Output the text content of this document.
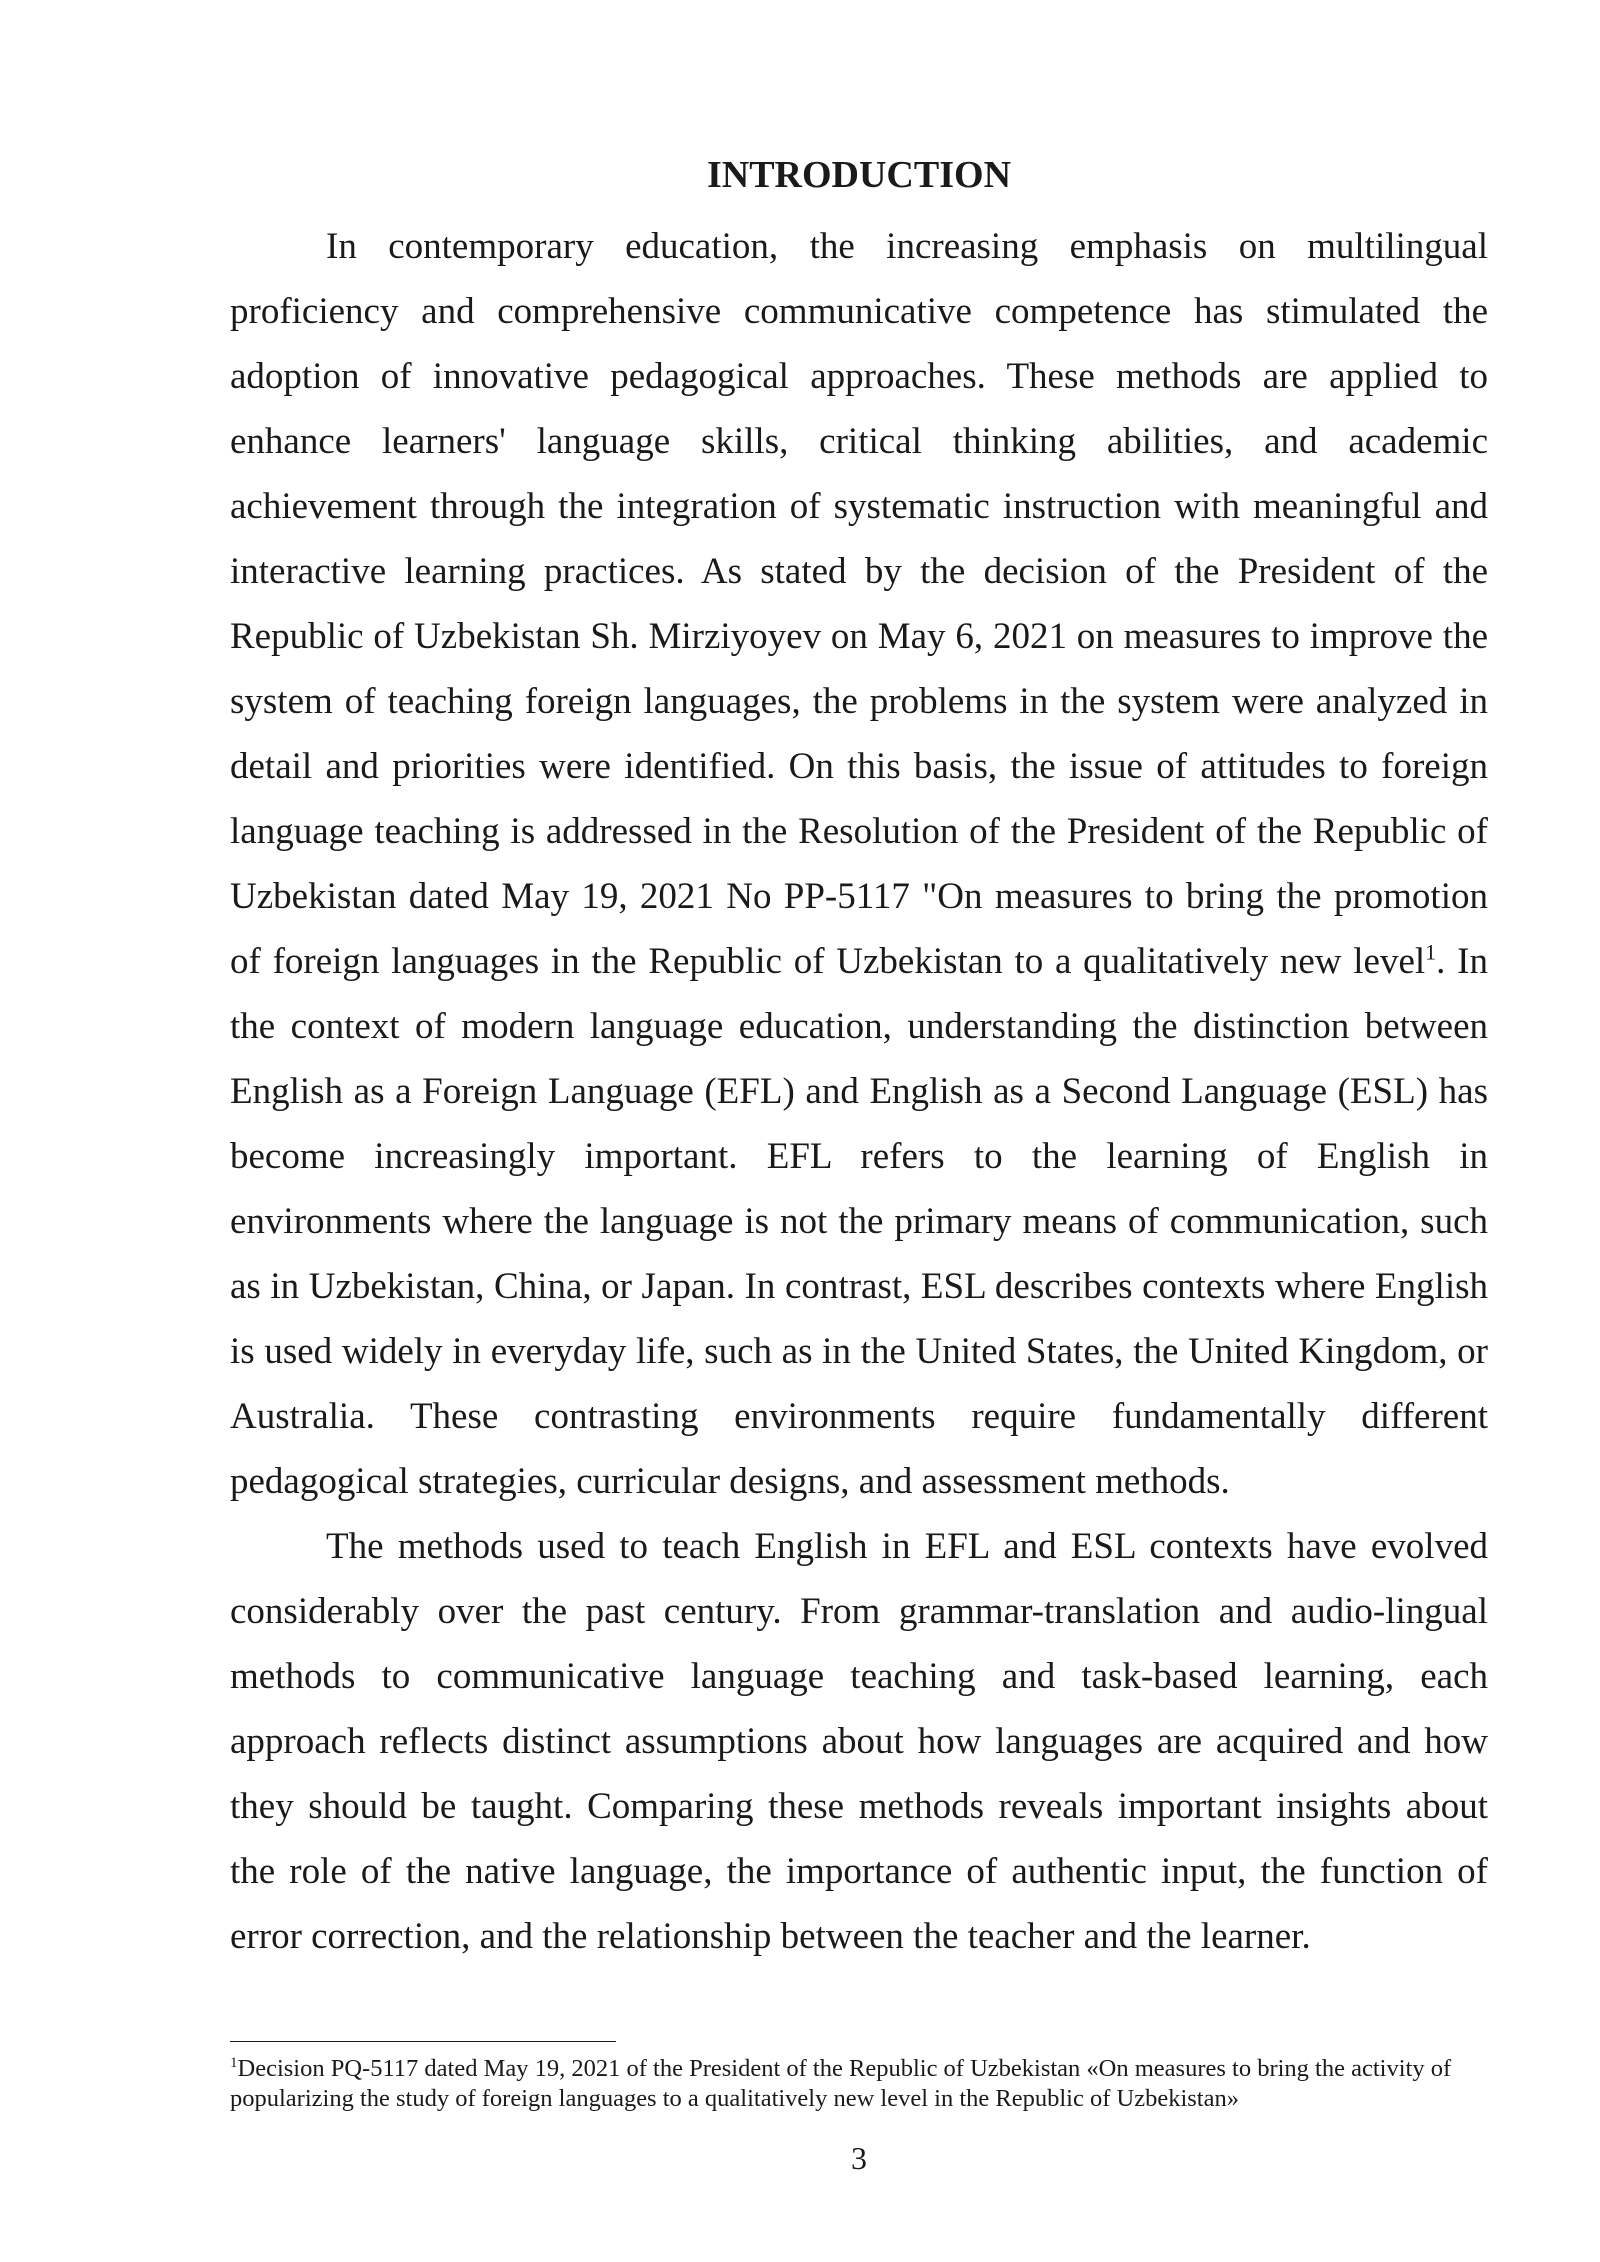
INTRODUCTION

In contemporary education, the increasing emphasis on multilingual proficiency and comprehensive communicative competence has stimulated the adoption of innovative pedagogical approaches. These methods are applied to enhance learners' language skills, critical thinking abilities, and academic achievement through the integration of systematic instruction with meaningful and interactive learning practices. As stated by the decision of the President of the Republic of Uzbekistan Sh. Mirziyoyev on May 6, 2021 on measures to improve the system of teaching foreign languages, the problems in the system were analyzed in detail and priorities were identified. On this basis, the issue of attitudes to foreign language teaching is addressed in the Resolution of the President of the Republic of Uzbekistan dated May 19, 2021 No PP-5117 "On measures to bring the promotion of foreign languages in the Republic of Uzbekistan to a qualitatively new level$^1$. In the context of modern language education, understanding the distinction between English as a Foreign Language (EFL) and English as a Second Language (ESL) has become increasingly important. EFL refers to the learning of English in environments where the language is not the primary means of communication, such as in Uzbekistan, China, or Japan. In contrast, ESL describes contexts where English is used widely in everyday life, such as in the United States, the United Kingdom, or Australia. These contrasting environments require fundamentally different pedagogical strategies, curricular designs, and assessment methods.

The methods used to teach English in EFL and ESL contexts have evolved considerably over the past century. From grammar-translation and audio-lingual methods to communicative language teaching and task-based learning, each approach reflects distinct assumptions about how languages are acquired and how they should be taught. Comparing these methods reveals important insights about the role of the native language, the importance of authentic input, the function of error correction, and the relationship between the teacher and the learner.

$^1$Decision PQ-5117 dated May 19, 2021 of the President of the Republic of Uzbekistan «On measures to bring the activity of popularizing the study of foreign languages to a qualitatively new level in the Republic of Uzbekistan»

3
